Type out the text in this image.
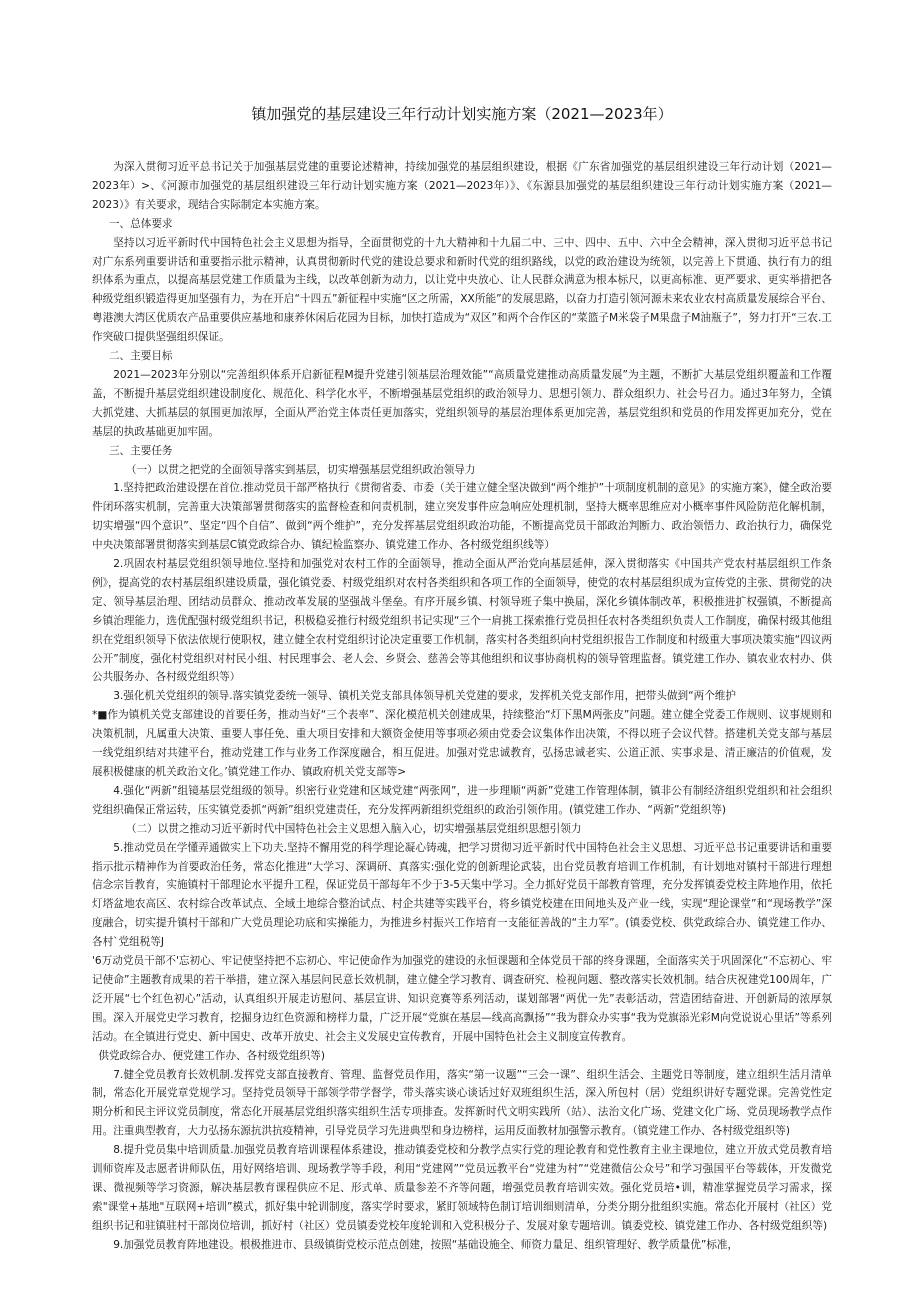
镇加强党的基层建设三年行动计划实施方案（2021—2023年）

为深入贯彻习近平总书记关于加强基层党建的重要论述精神，持续加强党的基层组织建设，根据《广东省加强党的基层组织建设三年行动计划（2021—2023年）>、《河源市加强党的基层组织建设三年行动计划实施方案（2021—2023年）》、《东源县加强党的基层组织建设三年行动计划实施方案（2021—2023）》有关要求，现结合实际制定本实施方案。

一、总体要求

坚持以习近平新时代中国特色社会主义思想为指导，全面贯彻党的十九大精神和十九届二中、三中、四中、五中、六中全会精神，深入贯彻习近平总书记对广东系列重要讲话和重要指示批示精神，认真贯彻新时代党的建设总要求和新时代党的组织路线，以党的政治建设为统领，以完善上下贯通、执行有力的组织体系为重点，以提高基层党建工作质量为主线，以改革创新为动力，以让党中央放心、让人民群众满意为根本标尺，以更高标准、更严要求、更实举措把各种级党组织锻造得更加坚强有力，为在开启“十四五”新征程中实施“区之所需，XX所能”的发展思路，以奋力打造引领河源未来农业农村高质量发展综合平台、粤港澳大湾区优质农产品重要供应基地和康养休闲后花园为目标，加快打造成为“双区”和两个合作区的“菜篮子M米袋子M果盘子M油瓶子”，努力打开“三农.工作突破口提供坚强组织保证。

二、主要目标

2021—2023年分别以“完善组织体系开启新征程M提升党建引领基层治理效能”“高质量党建推动高质量发展”为主题，不断扩大基层党组织覆盖和工作覆盖，不断提升基层党组织建设制度化、规范化、科学化水平，不断增强基层党组织的政治领导力、思想引领力、群众组织力、社会号召力。通过3年努力，全镇大抓党建、大抓基层的氛围更加浓厚，全面从严治党主体责任更加落实，党组织领导的基层治理体系更加完善，基层党组织和党员的作用发挥更加充分，党在基层的执政基础更加牢固。

三、主要任务

（一）以贯之把党的全面领导落实到基层，切实增强基层党组织政治领导力

1.坚持把政治建设摆在首位.推动党员干部严格执行《贯彻省委、市委（关于建立健全坚决做到“两个维护”十项制度机制的意见》的实施方案》，健全政治要件闭环落实机制，完善重大决策部署贯彻落实的监督检查和问责机制，建立突发事件应急响应处理机制，坚持大概率思维应对小概率事件风险防范化解机制，切实增强“四个意识”、坚定“四个自信”、做到“两个维护”，充分发挥基层党组织政治功能，不断提高党员干部政治判断力、政治领悟力、政治执行力，确保党中央决策部署贯彻落实到基层C镇党政综合办、镇纪检监察办、镇党建工作办、各村级党组织线等）

2.巩固农村基层党组织领导地位.坚持和加强党对农村工作的全面领导，推动全面从严治党向基层延伸，深入贯彻落实《中国共产党农村基层组织工作条例》，提高党的农村基层组织建设质量，强化镇党委、村级党组织对农村各类组织和各项工作的全面领导，使党的农村基层组织成为宣传党的主张、贯彻党的决定、领导基层治理、团结动员群众、推动改革发展的坚强战斗堡垒。有序开展乡镇、村领导班子集中换届，深化乡镇体制改革，积极推进扩权强镇，不断提高乡镇治理能力，选优配强村级党组织书记，积极稳妥推行村级党组织书记实现“三个一肩挑工探索推行党员担任农村各类组织负责人工作制度，确保村级其他组织在党组织领导下依法依规行使职权，建立健全农村党组织讨论决定重要工作机制，落实村各类组织向村党组织报告工作制度和村级重大事项决策实施“四议两公开”制度，强化村党组织对村民小组、村民理事会、老人会、乡贤会、慈善会等其他组织和议事协商机构的领导管理监督。镇党建工作办、镇农业农村办、供公共服务办、各村级党组织等）

3.强化机关党组织的领导.落实镇党委统一领导、镇机关党支部具体领导机关党建的要求，发挥机关党支部作用，把带头做到“两个维护

*■作为镇机关党支部建设的首要任务，推动当好“三个表率”、深化模范机关创建成果，持续整治“灯下黑M两张皮”问题。建立健全党委工作规则、议事规则和决策机制，凡属重大决策、重要人事任免、重大项目安排和大额资金使用等事项必须由党委会议集体作出决策，不得以班子会议代替。搭建机关党支部与基层一线党组织结对共建平台，推动党建工作与业务工作深度融合，相互促进。加强对党忠诚教育，弘扬忠诚老实、公道正派、实事求是、清正廉洁的价值观，发展积极健康的机关政治文化。’镇党建工作办、镇政府机关党支部等>

4.强化“两新”组镜基层党组级的领导。织密行业党建和区域党建“两张网”，进一步理顺“两新”党建工作管理体制，镇非公有制经济组织党组织和社会组织党组织确保正常运转，压实镇党委抓“两新”组织党建责任，充分发挥两新组织党组织的政治引领作用。(镇党建工作办、“两新”党组织等)

（二）以贯之推动习近平新时代中国特色社会主义思想入脑入心，切实增强基层党组织思想引领力

5.推动党员在学懂弄通做实上下功夫.坚持不懈用党的科学理论凝心铸魂，把学习贯彻习近平新时代中国特色社会主义思想、习近平总书记重要讲话和重要指示批示精神作为首要政治任务，常态化推进“大学习、深调研、真落实:强化党的创新理论武装，出台党员教育培训工作机制，有计划地对镇村干部进行理想信念宗旨教育，实施镇村干部理论水平提升工程，保证党员干部每年不少于3-5天集中学习。全力抓好党员干部教育管理，充分发挥镇委党校主阵地作用，依托灯塔盆地农高区、农村综合改革试点、全域土地综合整治试点、村企共建等实践平台，将乡镇党校建在田间地头及产业一线，实现“理论课堂”和“现场教学”深度融合，切实提升镇村干部和广大党员理论功底和实操能力，为推进乡村振兴工作培育一支能征善战的“主力军”。(镇委党校、供党政综合办、镇党建工作办、各村`党组税等J

'6万动党员干部不'忘初心、牢记使坚持把不忘初心、牢记使命作为加强党的建设的永恒课题和全体党员干部的终身课题，全面落实关于巩固深化“不忘初心、牢记使命”主题教育成果的若干举措，建立深入基层问民意长效机制，建立健全学习教育、调查研究、检视问题、整改落实长效机制。结合庆祝建党100周年，广泛开展“七个红色初心”活动，认真组织开展走访慰问、基层宣讲、知识竞赛等系列活动，谋划部署“两优一先”表彰活动，营造团结奋进、开创新局的浓厚氛围。深入开展党史学习教育，挖掘身边红色资源和榜样力量，广泛开展“党旗在基层—线高高飘扬”“我为群众办实事“我为党旗添光彩M向党说说心里话”等系列活动。在全镇进行党史、新中国史、改革开放史、社会主义发展史宣传教育，开展中国特色社会主义制度宣传教育。

供党政综合办、便党建工作办、各村级党组织等)

7.健全党员教育长效机制.发挥党支部直接教育、管理、监督党员作用，落实“第一议题”“三会一课”、组织生活会、主题党日等制度，建立组织生活月清单制，常态化开展党章党规学习。坚持党员领导干部领学带学督学，带头落实谈心谈话过好双班组织生活，深入所包村（居）党组织讲好专题党课。完善党性定期分析和民主评议党员制度，常态化开展基层党组织落实组织生活专项排查。发挥新时代文明实践所（站）、法治文化广场、党建文化广场、党员现场教学点作用。注重典型教育，大力弘扬东源抗洪抗疫精神，引导党员学习先进典型和身边榜样，运用反面教材加强警示教育。（镇党建工作办、各村级党组织等)

8.提升党员集中培训质量.加强党员教育培训课程体系建设，推动镇委党校和分教学点实行党的理论教育和党性教育主业主课地位，建立开放式党员教育培训师资库及志愿者讲师队伍，用好网络培训、现场教学等手段，利用“党建网”“党员远教平台“党建为村”“党建微信公众号”和学习强国平台等载体，开发微党课、微视频等学习资源，解决基层教育课程供应不足、形式单、质量参差不齐等问题，增强党员教育培训实效。强化党员培•训，精准掌握党员学习需求，探索"课堂+基地"互联网+培训”模式，抓好集中轮训制度，落实学时要求，紧盯领域特色制订培训细则清单，分类分期分批组织实施。常态化开展村（社区）党组织书记和驻镇驻村干部岗位培训，抓好村（社区）党员镇委党校年度轮训和入党积极分子、发展对象专题培训。镇委党校、镇党建工作办、各村级党组织等)

9.加强党员教育阵地建设。根极推进市、县级镇街党校示范点创建，按照“基础设施全、师资力量足、组织管理好、教学质量优”标准，
